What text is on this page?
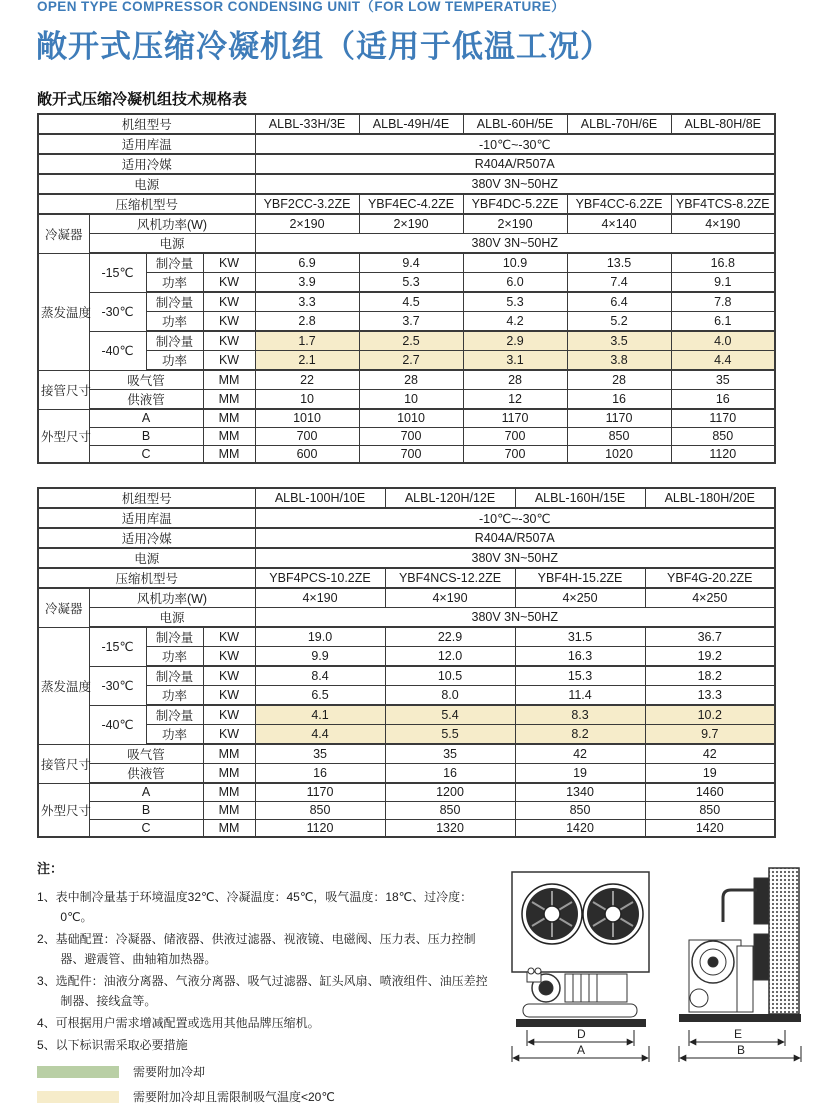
OPEN TYPE COMPRESSOR CONDENSING UNIT（FOR LOW TEMPERATURE）
敞开式压缩冷凝机组（适用于低温工况）
敞开式压缩冷凝机组技术规格表
机组型号				ALBL-33H/3E	ALBL-49H/4E	ALBL-60H/5E	ALBL-70H/6E	ALBL-80H/8E
适用库温				-10℃~-30℃				
适用冷媒				R404A/R507A				
电源				380V 3N~50HZ				
压缩机型号				YBF2CC-3.2ZE	YBF4EC-4.2ZE	YBF4DC-5.2ZE	YBF4CC-6.2ZE	YBF4TCS-8.2ZE
冷凝器	风机功率(W)			2×190	2×190	2×190	4×140	4×190
	电源			380V 3N~50HZ				
蒸发温度	-15℃	制冷量	KW	6.9	9.4	10.9	13.5	16.8
		功率	KW	3.9	5.3	6.0	7.4	9.1
	-30℃	制冷量	KW	3.3	4.5	5.3	6.4	7.8
		功率	KW	2.8	3.7	4.2	5.2	6.1
	-40℃	制冷量	KW	1.7	2.5	2.9	3.5	4.0
		功率	KW	2.1	2.7	3.1	3.8	4.4
接管尺寸	吸气管		MM	22	28	28	28	35
	供液管		MM	10	10	12	16	16
外型尺寸	A		MM	1010	1010	1170	1170	1170
	B		MM	700	700	700	850	850
	C		MM	600	700	700	1020	1120
机组型号				ALBL-100H/10E	ALBL-120H/12E	ALBL-160H/15E	ALBL-180H/20E
适用库温				-10℃~-30℃			
适用冷媒				R404A/R507A			
电源				380V 3N~50HZ			
压缩机型号				YBF4PCS-10.2ZE	YBF4NCS-12.2ZE	YBF4H-15.2ZE	YBF4G-20.2ZE
冷凝器	风机功率(W)			4×190	4×190	4×250	4×250
	电源			380V 3N~50HZ			
蒸发温度	-15℃	制冷量	KW	19.0	22.9	31.5	36.7
		功率	KW	9.9	12.0	16.3	19.2
	-30℃	制冷量	KW	8.4	10.5	15.3	18.2
		功率	KW	6.5	8.0	11.4	13.3
	-40℃	制冷量	KW	4.1	5.4	8.3	10.2
		功率	KW	4.4	5.5	8.2	9.7
接管尺寸	吸气管		MM	35	35	42	42
	供液管		MM	16	16	19	19
外型尺寸	A		MM	1170	1200	1340	1460
	B		MM	850	850	850	850
	C		MM	1120	1320	1420	1420
注：
1、表中制冷量基于环境温度32℃、冷凝温度：45℃，吸气温度：18℃、过冷度：0℃。
2、基础配置：冷凝器、储液器、供液过滤器、视液镜、电磁阀、压力表、压力控制器、避震管、曲轴箱加热器。
3、选配件：油液分离器、气液分离器、吸气过滤器、缸头风扇、喷液组件、油压差控制器、接线盒等。
4、可根据用户需求增减配置或选用其他品牌压缩机。
5、以下标识需采取必要措施
需要附加冷却
需要附加冷却且需限制吸气温度<20℃
D
A
E
B
